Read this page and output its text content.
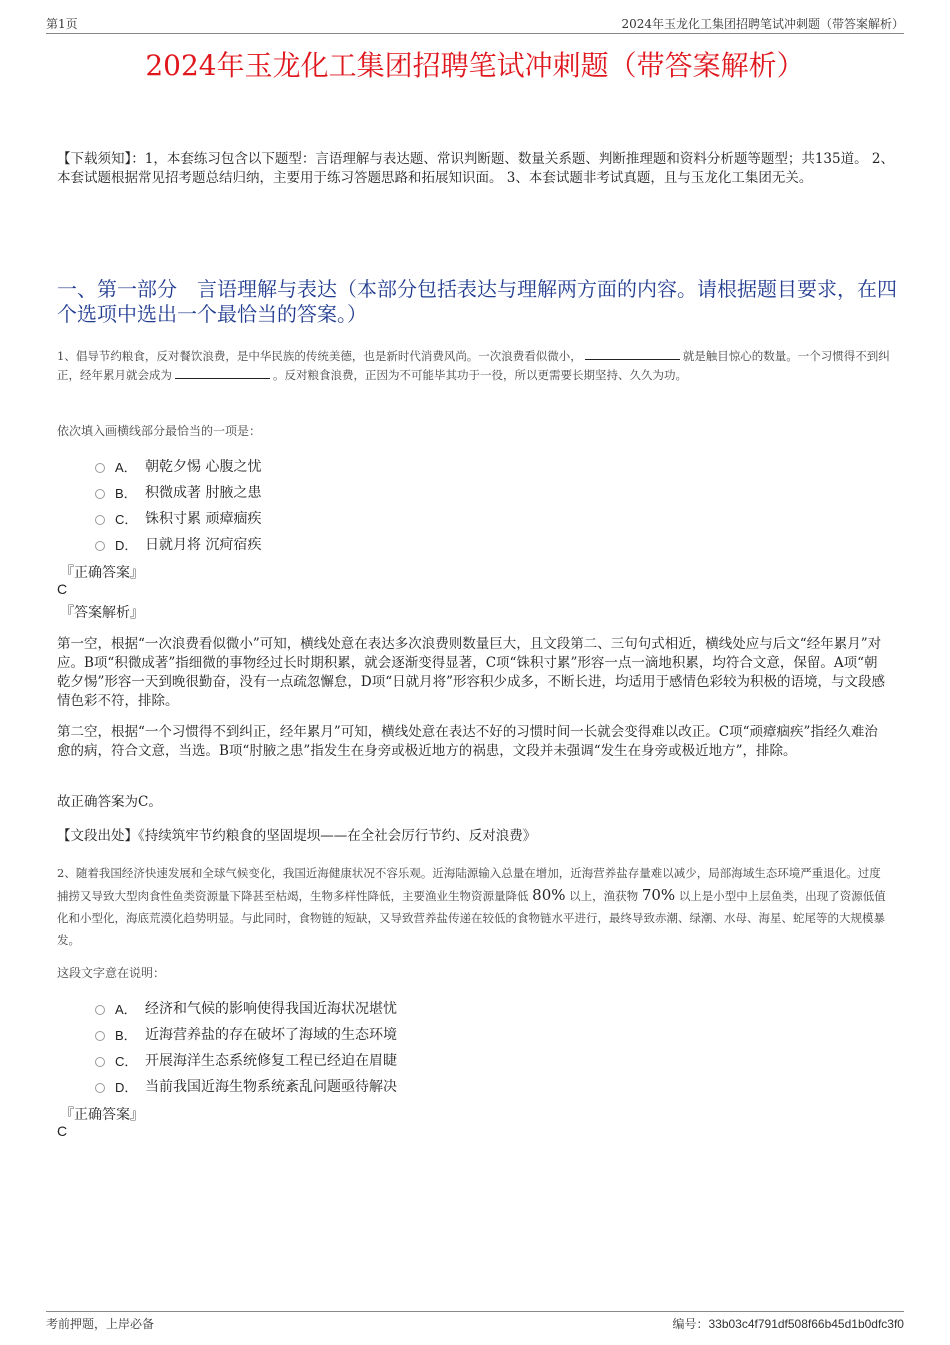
第1页	2024年玉龙化工集团招聘笔试冲刺题（带答案解析）
2024年玉龙化工集团招聘笔试冲刺题（带答案解析）
【下载须知】：1，本套练习包含以下题型：言语理解与表达题、常识判断题、数量关系题、判断推理题和资料分析题等题型；共135道。 2、本套试题根据常见招考题总结归纳，主要用于练习答题思路和拓展知识面。 3、本套试题非考试真题，且与玉龙化工集团无关。
一、第一部分　言语理解与表达（本部分包括表达与理解两方面的内容。请根据题目要求，在四个选项中选出一个最恰当的答案。）
1、倡导节约粮食，反对餐饮浪费，是中华民族的传统美德，也是新时代消费风尚。一次浪费看似微小，	就是触目惊心的数量。一个习惯得不到纠正，经年累月就会成为	。反对粮食浪费，正因为不可能毕其功于一役，所以更需要长期坚持、久久为功。
依次填入画横线部分最恰当的一项是：
A． 朝乾夕惕 心腹之忧
B． 积微成著 肘腋之患
C． 铢积寸累 顽瘴痼疾
D． 日就月将 沉疴宿疾
『正确答案』
C
『答案解析』
第一空，根据“一次浪费看似微小”可知，横线处意在表达多次浪费则数量巨大，且文段第二、三句句式相近，横线处应与后文“经年累月”对应。B项“积微成著”指细微的事物经过长时期积累，就会逐渐变得显著，C项“铢积寸累”形容一点一滴地积累，均符合文意，保留。A项“朝乾夕惕”形容一天到晚很勤奋，没有一点疏忽懈怠，D项“日就月将”形容积少成多，不断长进，均适用于感情色彩较为积极的语境，与文段感情色彩不符，排除。
第二空，根据“一个习惯得不到纠正，经年累月”可知，横线处意在表达不好的习惯时间一长就会变得难以改正。C项“顽瘴痼疾”指经久难治愈的病，符合文意，当选。B项“肘腋之患”指发生在身旁或极近地方的祸患，文段并未强调“发生在身旁或极近地方”，排除。
故正确答案为C。
【文段出处】《持续筑牢节约粮食的坚固堤坝——在全社会厉行节约、反对浪费》
2、随着我国经济快速发展和全球气候变化，我国近海健康状况不容乐观。近海陆源输入总量在增加，近海营养盐存量难以减少，局部海域生态环境严重退化。过度捕捞又导致大型肉食性鱼类资源量下降甚至枯竭，生物多样性降低，主要渔业生物资源量降低 80% 以上，渔获物 70% 以上是小型中上层鱼类，出现了资源低值化和小型化，海底荒漠化趋势明显。与此同时，食物链的短缺，又导致营养盐传递在较低的食物链水平进行，最终导致赤潮、绿潮、水母、海星、蛇尾等的大规模暴发。
这段文字意在说明：
A． 经济和气候的影响使得我国近海状况堪忧
B． 近海营养盐的存在破坏了海域的生态环境
C． 开展海洋生态系统修复工程已经迫在眉睫
D． 当前我国近海生物系统紊乱问题亟待解决
『正确答案』
C
考前押题，上岸必备	编号：33b03c4f791df508f66b45d1b0dfc3f0
